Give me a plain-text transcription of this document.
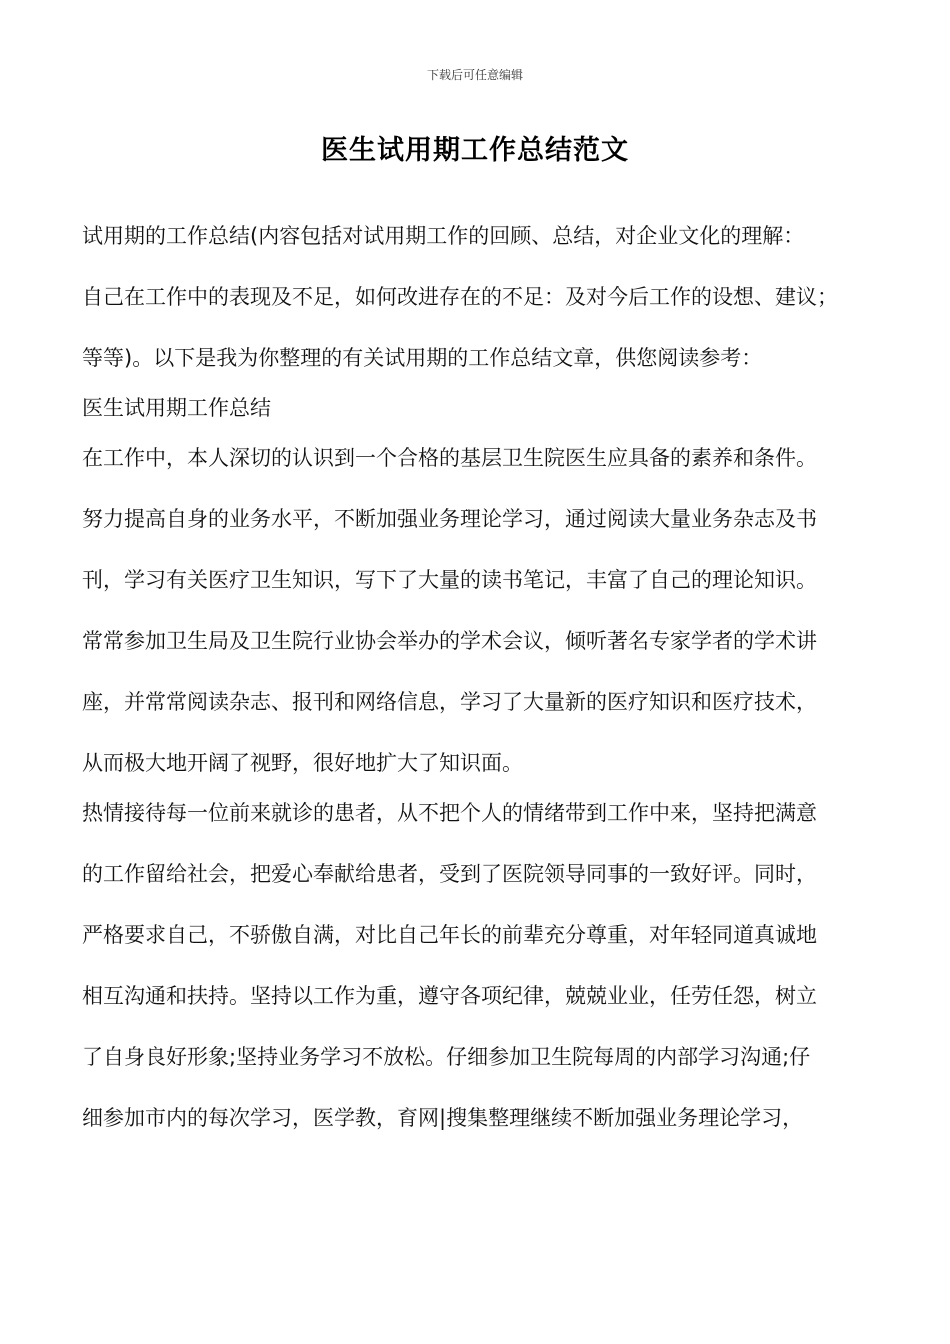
下载后可任意编辑
医生试用期工作总结范文
试用期的工作总结(内容包括对试用期工作的回顾、总结，对企业文化的理解：
自己在工作中的表现及不足，如何改进存在的不足：及对今后工作的设想、建议；
等等)。以下是我为你整理的有关试用期的工作总结文章，供您阅读参考：
医生试用期工作总结
在工作中，本人深切的认识到一个合格的基层卫生院医生应具备的素养和条件。
努力提高自身的业务水平，不断加强业务理论学习，通过阅读大量业务杂志及书
刊，学习有关医疗卫生知识，写下了大量的读书笔记，丰富了自己的理论知识。
常常参加卫生局及卫生院行业协会举办的学术会议，倾听著名专家学者的学术讲
座，并常常阅读杂志、报刊和网络信息，学习了大量新的医疗知识和医疗技术，
从而极大地开阔了视野，很好地扩大了知识面。
热情接待每一位前来就诊的患者，从不把个人的情绪带到工作中来，坚持把满意
的工作留给社会，把爱心奉献给患者，受到了医院领导同事的一致好评。同时，
严格要求自己，不骄傲自满，对比自己年长的前辈充分尊重，对年轻同道真诚地
相互沟通和扶持。坚持以工作为重，遵守各项纪律，兢兢业业，任劳任怨，树立
了自身良好形象;坚持业务学习不放松。仔细参加卫生院每周的内部学习沟通;仔
细参加市内的每次学习，医学教，育网|搜集整理继续不断加强业务理论学习，
